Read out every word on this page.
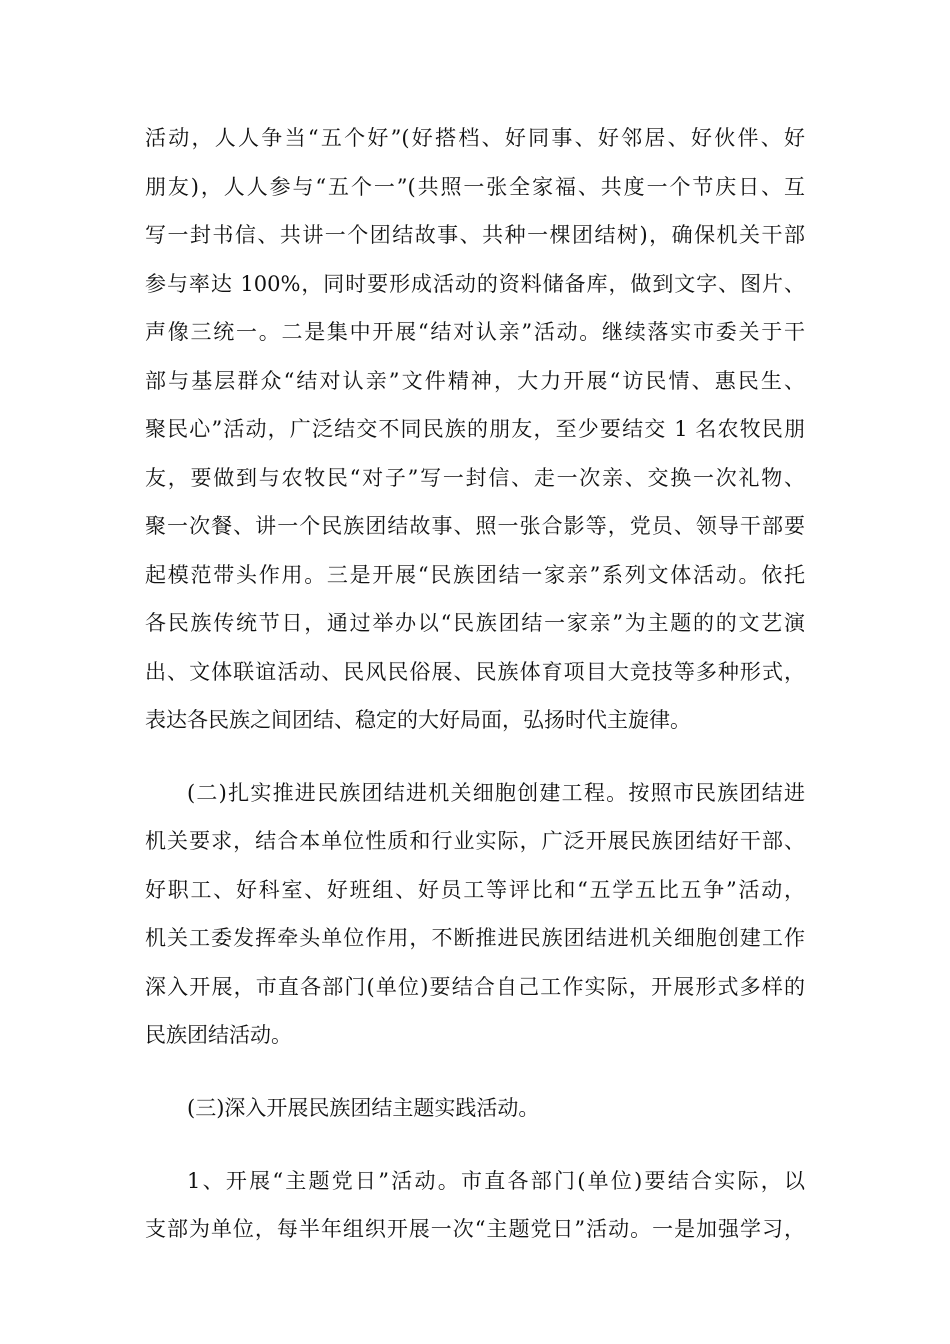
活动，人人争当“五个好”(好搭档、好同事、好邻居、好伙伴、好
朋友)，人人参与“五个一”(共照一张全家福、共度一个节庆日、互
写一封书信、共讲一个团结故事、共种一棵团结树)，确保机关干部
参与率达 100%，同时要形成活动的资料储备库，做到文字、图片、
声像三统一。二是集中开展“结对认亲”活动。继续落实市委关于干
部与基层群众“结对认亲”文件精神，大力开展“访民情、惠民生、
聚民心”活动，广泛结交不同民族的朋友，至少要结交 1 名农牧民朋
友，要做到与农牧民“对子”写一封信、走一次亲、交换一次礼物、
聚一次餐、讲一个民族团结故事、照一张合影等，党员、领导干部要
起模范带头作用。三是开展“民族团结一家亲”系列文体活动。依托
各民族传统节日，通过举办以“民族团结一家亲”为主题的的文艺演
出、文体联谊活动、民风民俗展、民族体育项目大竞技等多种形式，
表达各民族之间团结、稳定的大好局面，弘扬时代主旋律。
(二)扎实推进民族团结进机关细胞创建工程。按照市民族团结进
机关要求，结合本单位性质和行业实际，广泛开展民族团结好干部、
好职工、好科室、好班组、好员工等评比和“五学五比五争”活动，
机关工委发挥牵头单位作用，不断推进民族团结进机关细胞创建工作
深入开展，市直各部门(单位)要结合自己工作实际，开展形式多样的
民族团结活动。
(三)深入开展民族团结主题实践活动。
1、开展“主题党日”活动。市直各部门(单位)要结合实际，以
支部为单位，每半年组织开展一次“主题党日”活动。一是加强学习，
